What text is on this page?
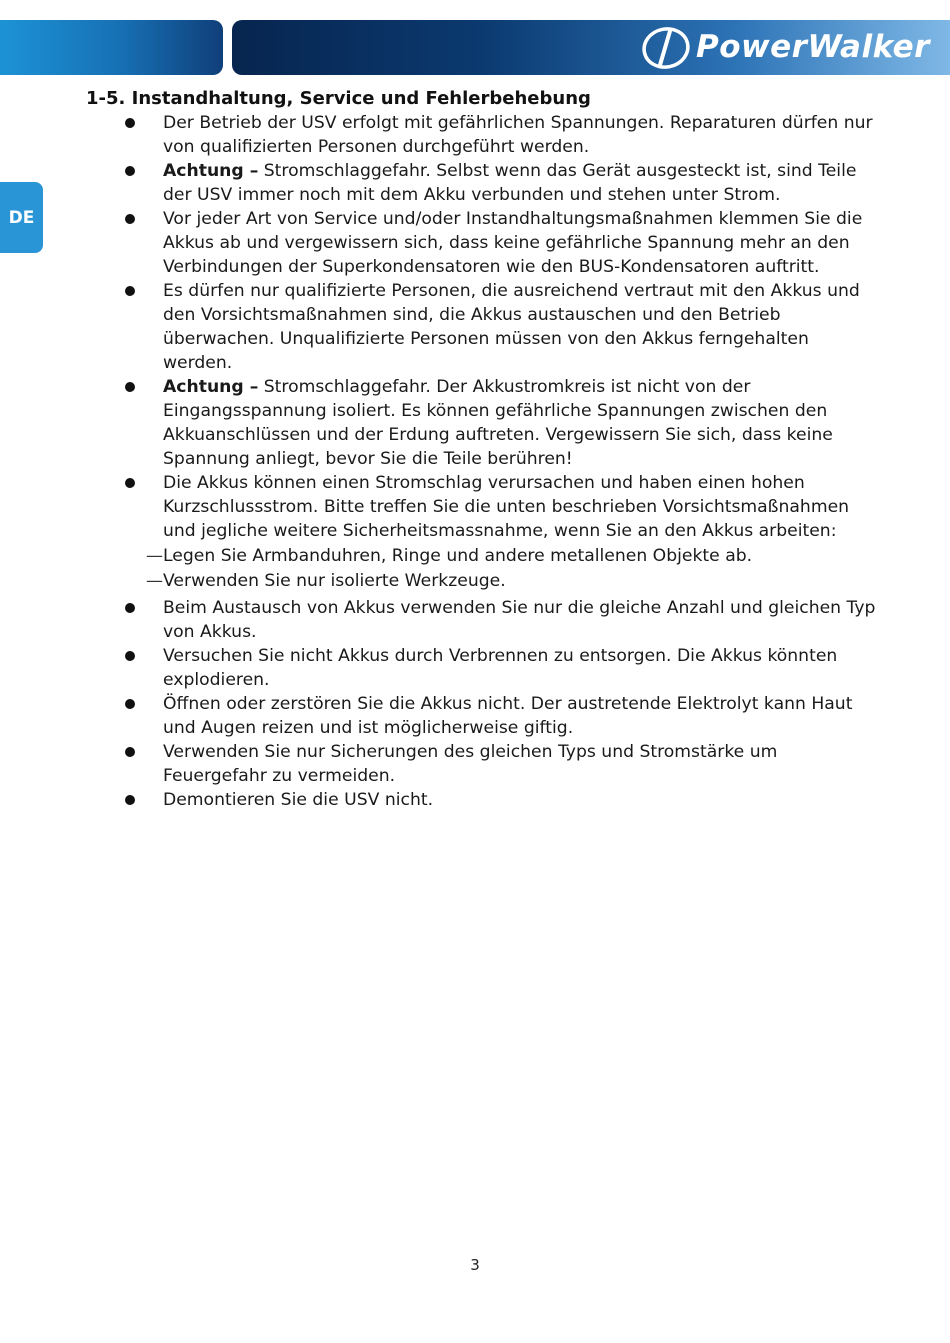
PowerWalker
DE
1-5. Instandhaltung, Service und Fehlerbehebung
Der Betrieb der USV erfolgt mit gefährlichen Spannungen. Reparaturen dürfen nur von qualifizierten Personen durchgeführt werden.
Achtung – Stromschlaggefahr. Selbst wenn das Gerät ausgesteckt ist, sind Teile der USV immer noch mit dem Akku verbunden und stehen unter Strom.
Vor jeder Art von Service und/oder Instandhaltungsmaßnahmen klemmen Sie die Akkus ab und vergewissern sich, dass keine gefährliche Spannung mehr an den Verbindungen der Superkondensatoren wie den BUS-Kondensatoren auftritt.
Es dürfen nur qualifizierte Personen, die ausreichend vertraut mit den Akkus und den Vorsichtsmaßnahmen sind, die Akkus austauschen und den Betrieb überwachen. Unqualifizierte Personen müssen von den Akkus ferngehalten werden.
Achtung – Stromschlaggefahr. Der Akkustromkreis ist nicht von der Eingangsspannung isoliert. Es können gefährliche Spannungen zwischen den Akkuanschlüssen und der Erdung auftreten. Vergewissern Sie sich, dass keine Spannung anliegt, bevor Sie die Teile berühren!
Die Akkus können einen Stromschlag verursachen und haben einen hohen Kurzschlussstrom. Bitte treffen Sie die unten beschrieben Vorsichtsmaßnahmen und jegliche weitere Sicherheitsmassnahme, wenn Sie an den Akkus arbeiten:
— Legen Sie Armbanduhren, Ringe und andere metallenen Objekte ab.
— Verwenden Sie nur isolierte Werkzeuge.
Beim Austausch von Akkus verwenden Sie nur die gleiche Anzahl und gleichen Typ von Akkus.
Versuchen Sie nicht Akkus durch Verbrennen zu entsorgen. Die Akkus könnten explodieren.
Öffnen oder zerstören Sie die Akkus nicht. Der austretende Elektrolyt kann Haut und Augen reizen und ist möglicherweise giftig.
Verwenden Sie nur Sicherungen des gleichen Typs und Stromstärke um Feuergefahr zu vermeiden.
Demontieren Sie die USV nicht.
3
